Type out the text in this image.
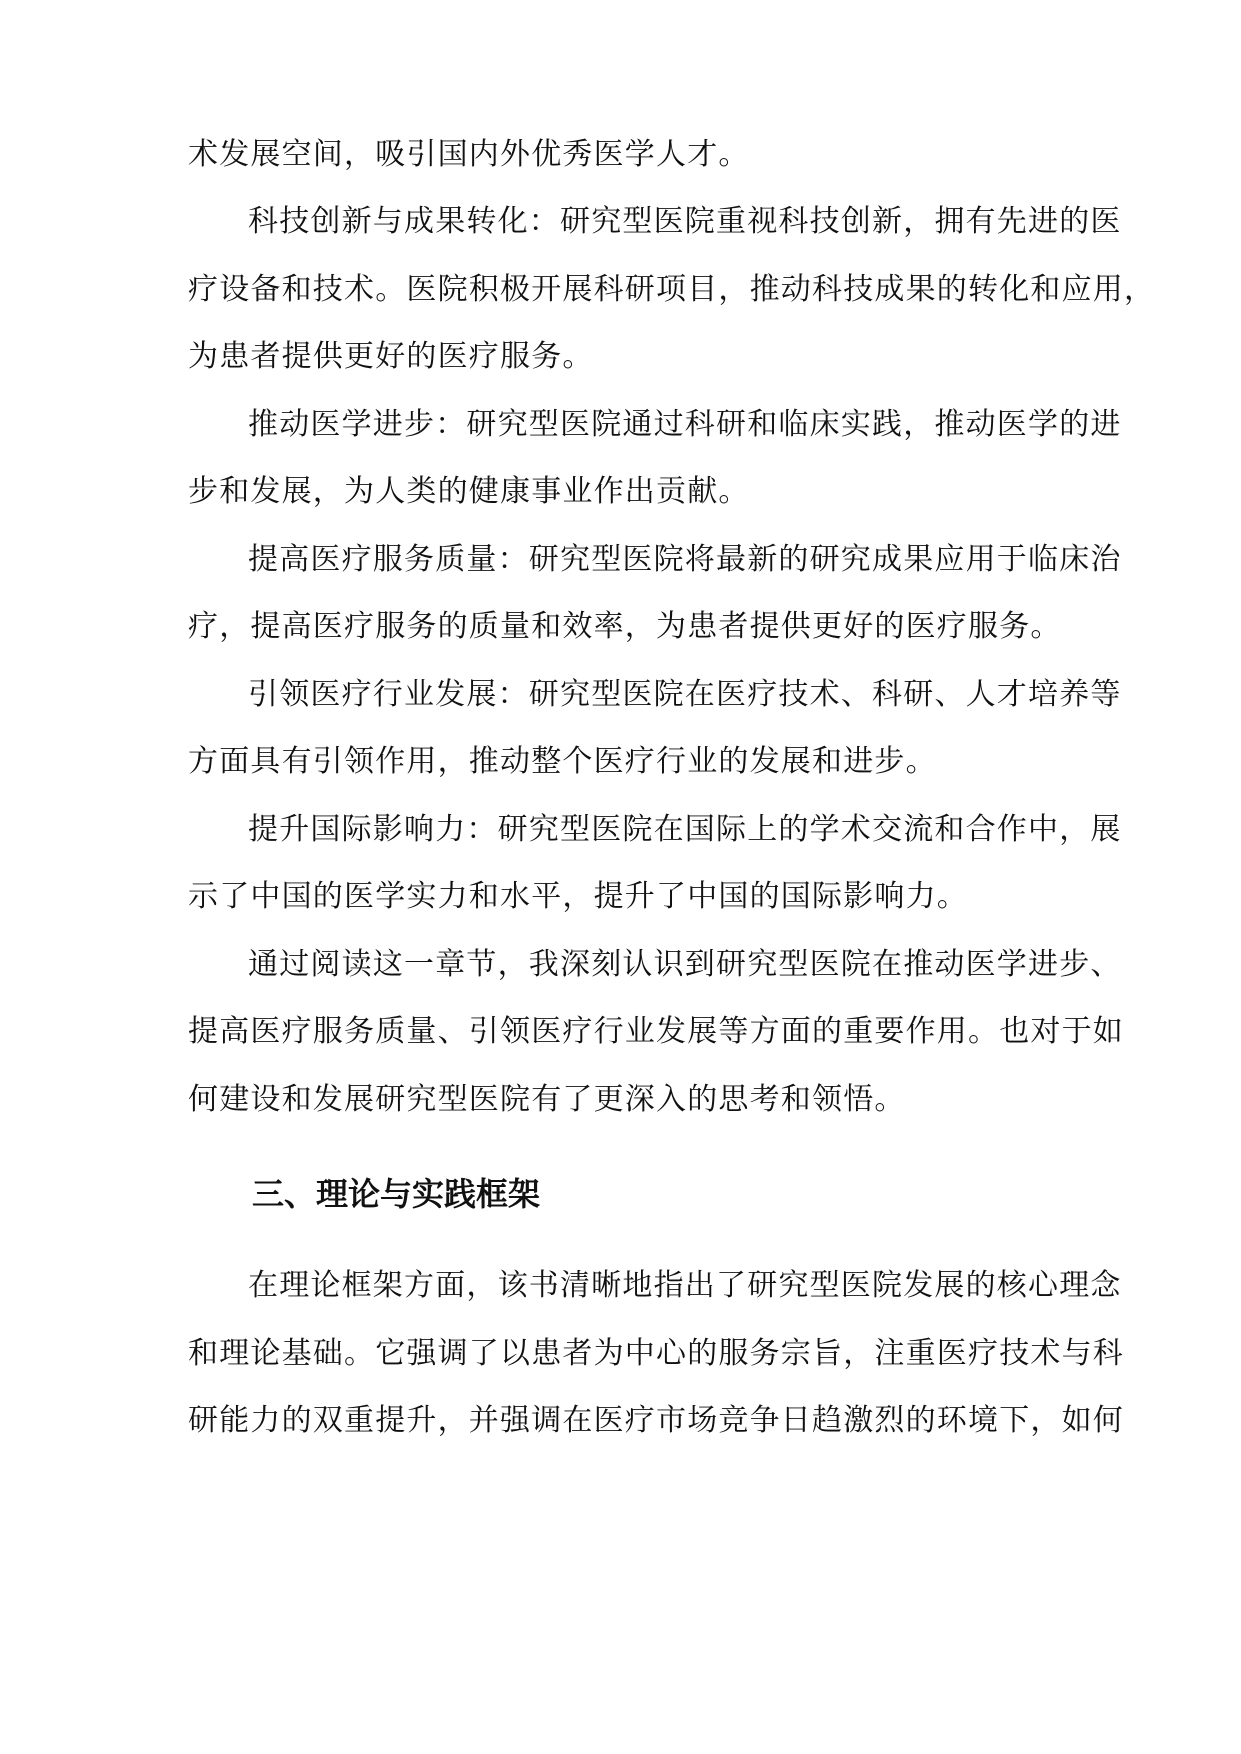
术发展空间，吸引国内外优秀医学人才。

科技创新与成果转化：研究型医院重视科技创新，拥有先进的医

疗设备和技术。医院积极开展科研项目，推动科技成果的转化和应用，

为患者提供更好的医疗服务。

推动医学进步：研究型医院通过科研和临床实践，推动医学的进

步和发展，为人类的健康事业作出贡献。

提高医疗服务质量：研究型医院将最新的研究成果应用于临床治

疗，提高医疗服务的质量和效率，为患者提供更好的医疗服务。

引领医疗行业发展：研究型医院在医疗技术、科研、人才培养等

方面具有引领作用，推动整个医疗行业的发展和进步。

提升国际影响力：研究型医院在国际上的学术交流和合作中，展

示了中国的医学实力和水平，提升了中国的国际影响力。

通过阅读这一章节，我深刻认识到研究型医院在推动医学进步、

提高医疗服务质量、引领医疗行业发展等方面的重要作用。也对于如

何建设和发展研究型医院有了更深入的思考和领悟。

三、理论与实践框架

在理论框架方面，该书清晰地指出了研究型医院发展的核心理念

和理论基础。它强调了以患者为中心的服务宗旨，注重医疗技术与科

研能力的双重提升，并强调在医疗市场竞争日趋激烈的环境下，如何
